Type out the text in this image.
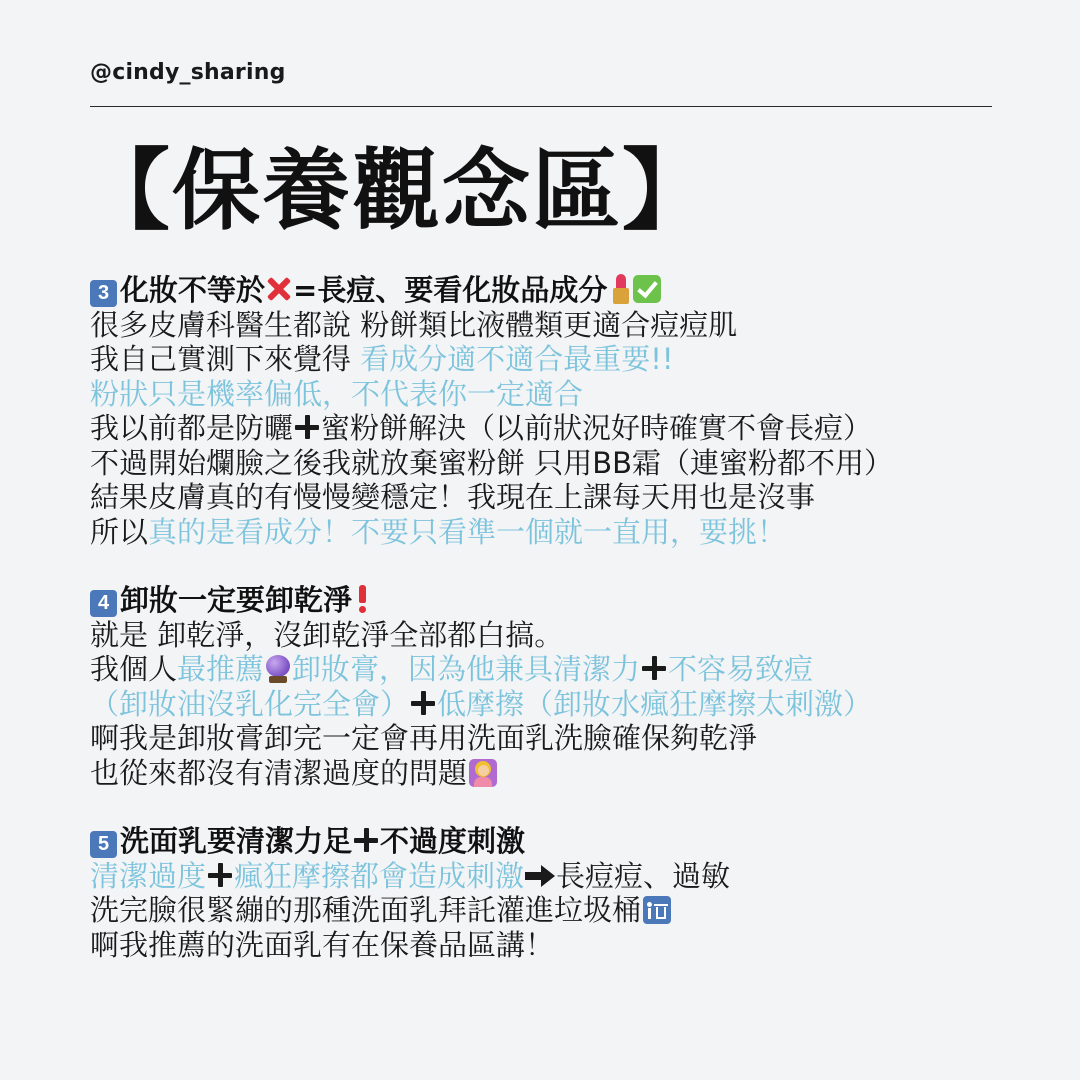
@cindy_sharing
【保養觀念區】
3 化妝不等於 =長痘、要看化妝品成分
很多皮膚科醫生都說 粉餅類比液體類更適合痘痘肌
我自己實測下來覺得 看成分適不適合最重要!!
粉狀只是機率偏低，不代表你一定適合
我以前都是防曬 蜜粉餅解決（以前狀況好時確實不會長痘）
不過開始爛臉之後我就放棄蜜粉餅 只用BB霜（連蜜粉都不用）
結果皮膚真的有慢慢變穩定！我現在上課每天用也是沒事
所以真的是看成分！不要只看準一個就一直用，要挑！
4 卸妝一定要卸乾淨
就是 卸乾淨，沒卸乾淨全部都白搞。
我個人最推薦 卸妝膏，因為他兼具清潔力 不容易致痘
（卸妝油沒乳化完全會） 低摩擦（卸妝水瘋狂摩擦太刺激）
啊我是卸妝膏卸完一定會再用洗面乳洗臉確保夠乾淨
也從來都沒有清潔過度的問題
5 洗面乳要清潔力足 不過度刺激
清潔過度 瘋狂摩擦都會造成刺激 長痘痘、過敏
洗完臉很緊繃的那種洗面乳拜託灌進垃圾桶
啊我推薦的洗面乳有在保養品區講！
